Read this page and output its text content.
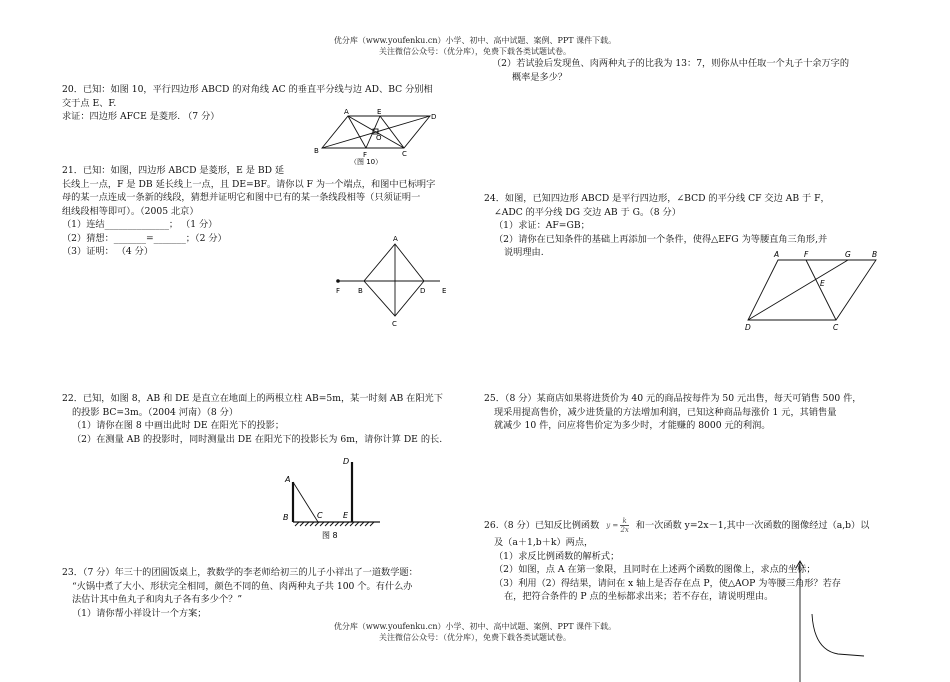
优分库（www.youfenku.cn）小学、初中、高中试题、案例、PPT 课件下载。
关注微信公众号：（优分库），免费下载各类试题试卷。
20．已知：如图 10，平行四边形 ABCD 的对角线 AC 的垂直平分线与边 AD、BC 分别相
交于点 E、F.
求证：四边形 AFCE 是菱形. （7 分）	A	E
D
B	F	C
O
（图 10）
21．已知：如图，四边形 ABCD 是菱形，E 是 BD 延
长线上一点，F 是 DB 延长线上一点，且 DE=BF。请你以 F 为一个端点，和图中已标明字
母的某一点连成一条新的线段，猜想并证明它和图中已有的某一条线段相等（只须证明一
组线段相等即可）。（2005 北京）
（1）连结______________； （1 分）
（2）猜想：_______=_______；（2 分）
（3）证明： （4 分）
A
F	B	D E
C
22．已知，如图 8，AB 和 DE 是直立在地面上的两根立柱 AB=5m，某一时刻 AB 在阳光下
的投影 BC=3m。（2004 河南）（8 分）
（1）请你在图 8 中画出此时 DE 在阳光下的投影；
（2）在测量 AB 的投影时，同时测量出 DE 在阳光下的投影长为 6m，请你计算 DE 的长.
A
B	C
D
E
图 8
23．（7 分）年三十的团圆饭桌上，教数学的李老师给初三的儿子小祥出了一道数学题：
“火锅中煮了大小、形状完全相同，颜色不同的鱼、肉两种丸子共 100 个。有什么办
法估计其中鱼丸子和肉丸子各有多少个？”
（1）请你帮小祥设计一个方案；
（2）若试验后发现鱼、肉两种丸子的比我为 13：7，则你从中任取一个丸子十余万字的
概率是多少？
24．如图，已知四边形 ABCD 是平行四边形，∠BCD 的平分线 CF 交边 AB 于 F，
∠ADC 的平分线 DG 交边 AB 于 G。（8 分）
（1）求证：AF=GB；
（2）请你在已知条件的基础上再添加一个条件，使得△EFG 为等腰直角三角形,并
说明理由.	A	F	G	B
E
D	C
25．（8 分）某商店如果将进货价为 40 元的商品按每件为 50 元出售，每天可销售 500 件，
现采用提高售价，减少进货量的方法增加利润，已知这种商品每涨价 1 元，其销售量
就减少 10 件，问应将售价定为多少时，才能赚的 8000 元的利润。
26.（8 分）已知反比例函数 $y = \frac{k}{2x}$ 和一次函数 y=2x－1,其中一次函数的图像经过（a,b）以
及（a＋1,b＋k）两点，
（1）求反比例函数的解析式；
（2）如图，点 A 在第一象限，且同时在上述两个函数的图像上，求点的坐标；
（3）利用（2）得结果，请问在 x 轴上是否存在点 P，使△AOP 为等腰三角形？若存
在，把符合条件的 P 点的坐标都求出来；若不存在，请说明理由。
优分库（www.youfenku.cn）小学、初中、高中试题、案例、PPT 课件下载。
关注微信公众号：（优分库），免费下载各类试题试卷。
